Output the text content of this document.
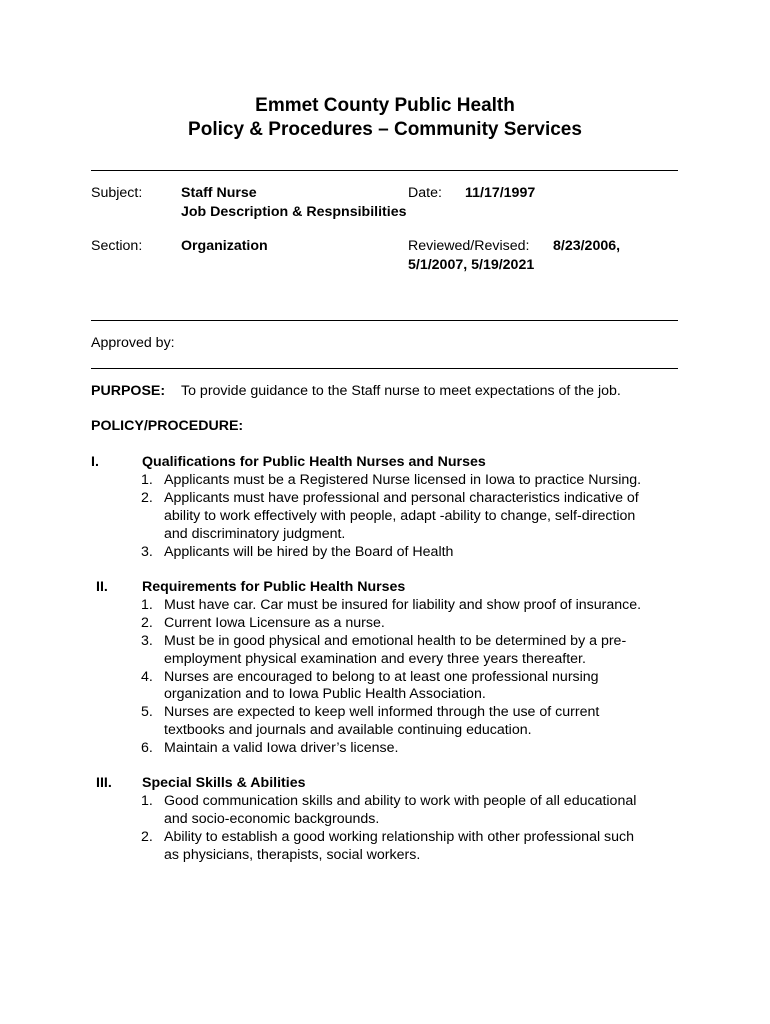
Emmet County Public Health
Policy & Procedures – Community Services
Subject:	Staff Nurse
Job Description & Respnsibilities
Date: 11/17/1997
Section:	Organization	Reviewed/Revised: 8/23/2006,
5/1/2007, 5/19/2021
Approved by:
PURPOSE: To provide guidance to the Staff nurse to meet expectations of the job.
POLICY/PROCEDURE:
I.	Qualifications for Public Health Nurses and Nurses
1. Applicants must be a Registered Nurse licensed in Iowa to practice Nursing.
2. Applicants must have professional and personal characteristics indicative of
ability to work effectively with people, adapt -ability to change, self-direction
and discriminatory judgment.
3. Applicants will be hired by the Board of Health
II. Requirements for Public Health Nurses
1. Must have car. Car must be insured for liability and show proof of insurance.
2. Current Iowa Licensure as a nurse.
3. Must be in good physical and emotional health to be determined by a pre-
employment physical examination and every three years thereafter.
4. Nurses are encouraged to belong to at least one professional nursing
organization and to Iowa Public Health Association.
5. Nurses are expected to keep well informed through the use of current
textbooks and journals and available continuing education.
6. Maintain a valid Iowa driver’s license.
III. Special Skills & Abilities
1. Good communication skills and ability to work with people of all educational
and socio-economic backgrounds.
2. Ability to establish a good working relationship with other professional such
as physicians, therapists, social workers.
